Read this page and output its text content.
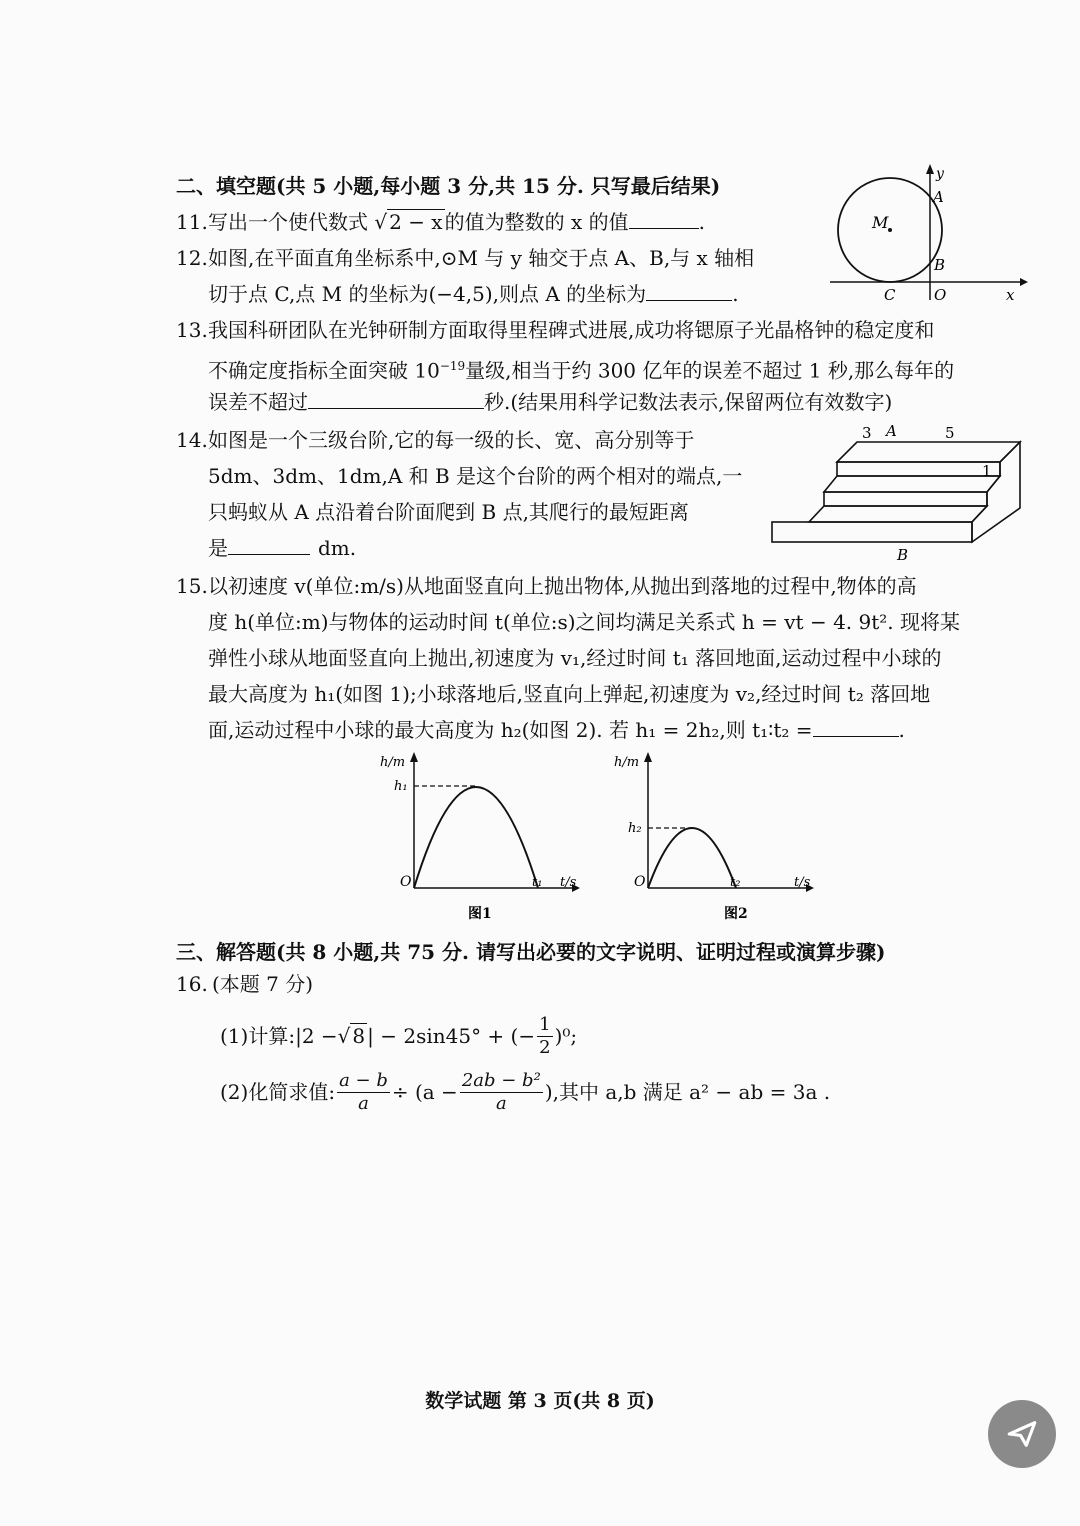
二、填空题(共 5 小题,每小题 3 分,共 15 分. 只写最后结果)
11. 写出一个使代数式 √ 2 − x 的值为整数的 x 的值	.
12. 如图,在平面直角坐标系中,⊙M 与 y 轴交于点 A、B,与 x 轴相
切于点 C,点 M 的坐标为(−4,5),则点 A 的坐标为	.
M
y
A
B
C	O	x
13. 我国科研团队在光钟研制方面取得里程碑式进展,成功将锶原子光晶格钟的稳定度和
不确定度指标全面突破 $10^{-19}$量级,相当于约 300 亿年的误差不超过 1 秒,那么每年的
误差不超过	秒.(结果用科学记数法表示,保留两位有效数字)
14. 如图是一个三级台阶,它的每一级的长、宽、高分别等于
5dm、3dm、1dm,A 和 B 是这个台阶的两个相对的端点,一
只蚂蚁从 A 点沿着台阶面爬到 B 点,其爬行的最短距离
是	dm.
3 A	5
1
B
15. 以初速度 v(单位:m/s)从地面竖直向上抛出物体,从抛出到落地的过程中,物体的高
度 h(单位:m)与物体的运动时间 t(单位:s)之间均满足关系式 h = vt − 4. 9t². 现将某
弹性小球从地面竖直向上抛出,初速度为 v₁,经过时间 t₁ 落回地面,运动过程中小球的
最大高度为 h₁(如图 1);小球落地后,竖直向上弹起,初速度为 v₂,经过时间 t₂ 落回地
面,运动过程中小球的最大高度为 h₂(如图 2). 若 h₁ = 2h₂,则 t₁∶t₂ =	.
h/m
h₁
O	t₁ t/s
图1
h/m
h₂
O	t₂	t/s
图2
三、解答题(共 8 小题,共 75 分. 请写出必要的文字说明、证明过程或演算步骤)
16. (本题 7 分)
(1)计算: |2 − √ 8 | − 2sin45° + (− $\frac{1}{2} )^0$;
(2)化简求值: $\frac{a - b}{a} \div (a - \frac{\text{2ab − b²}}{a}$ ),其中 a,b 满足 a² − ab = 3a .
数学试题 第 3 页(共 8 页)
